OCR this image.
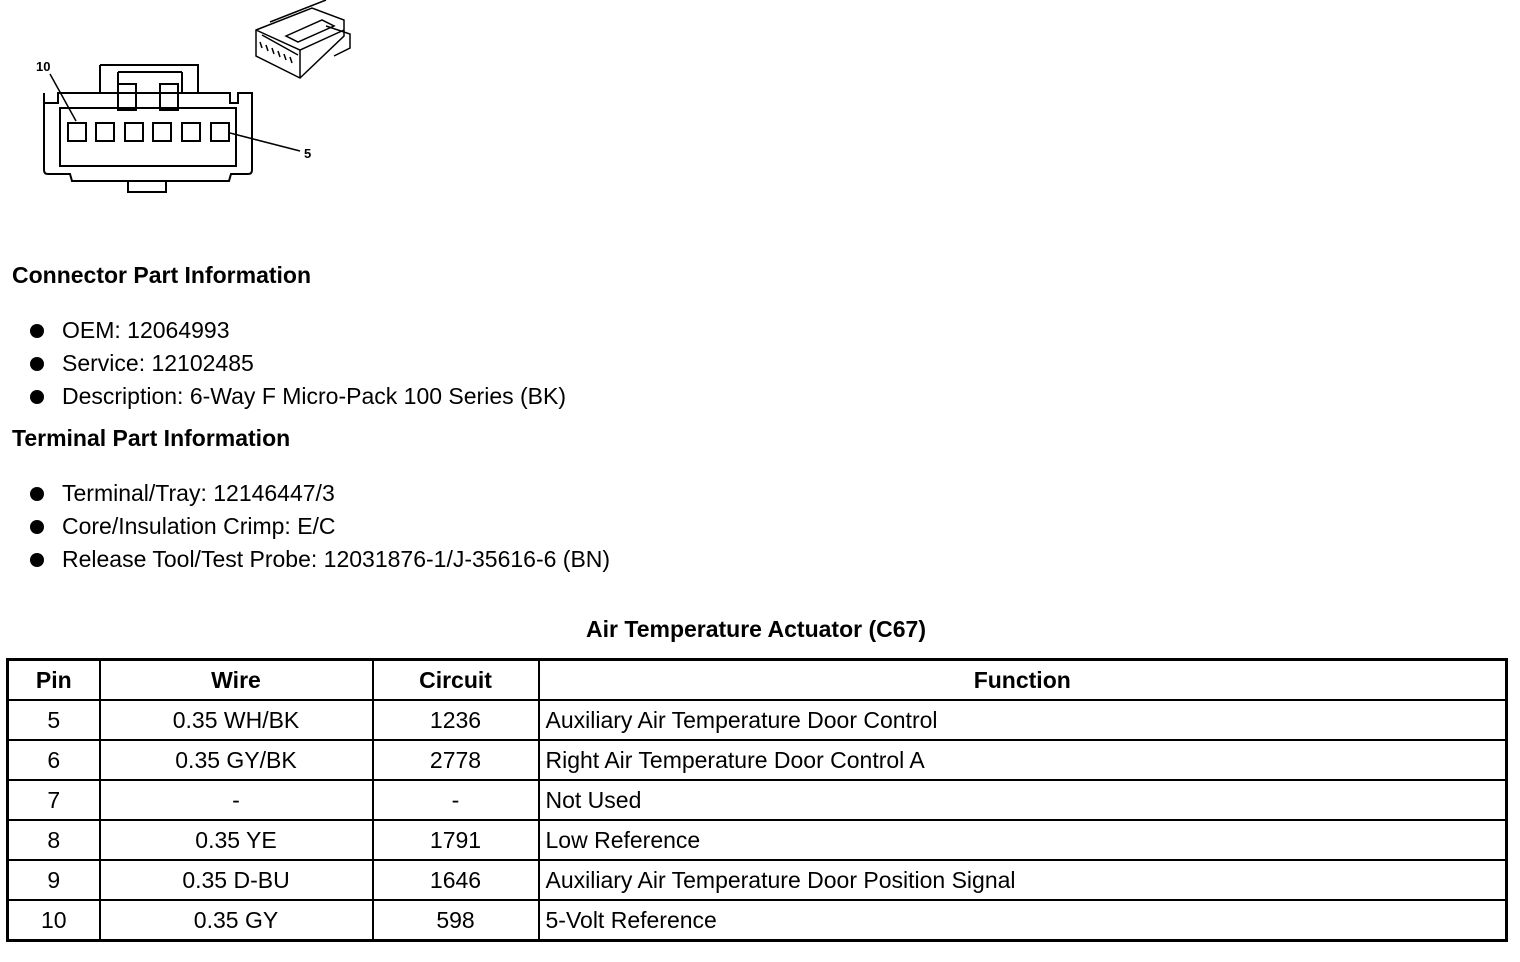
10
5
Connector Part Information
OEM: 12064993
Service: 12102485
Description: 6-Way F Micro-Pack 100 Series (BK)
Terminal Part Information
Terminal/Tray: 12146447/3
Core/Insulation Crimp: E/C
Release Tool/Test Probe: 12031876-1/J-35616-6 (BN)
Air Temperature Actuator (C67)
Pin	Wire	Circuit	Function
5	0.35 WH/BK	1236	Auxiliary Air Temperature Door Control
6	0.35 GY/BK	2778	Right Air Temperature Door Control A
7	-	-	Not Used
8	0.35 YE	1791	Low Reference
9	0.35 D-BU	1646	Auxiliary Air Temperature Door Position Signal
10	0.35 GY	598	5-Volt Reference
